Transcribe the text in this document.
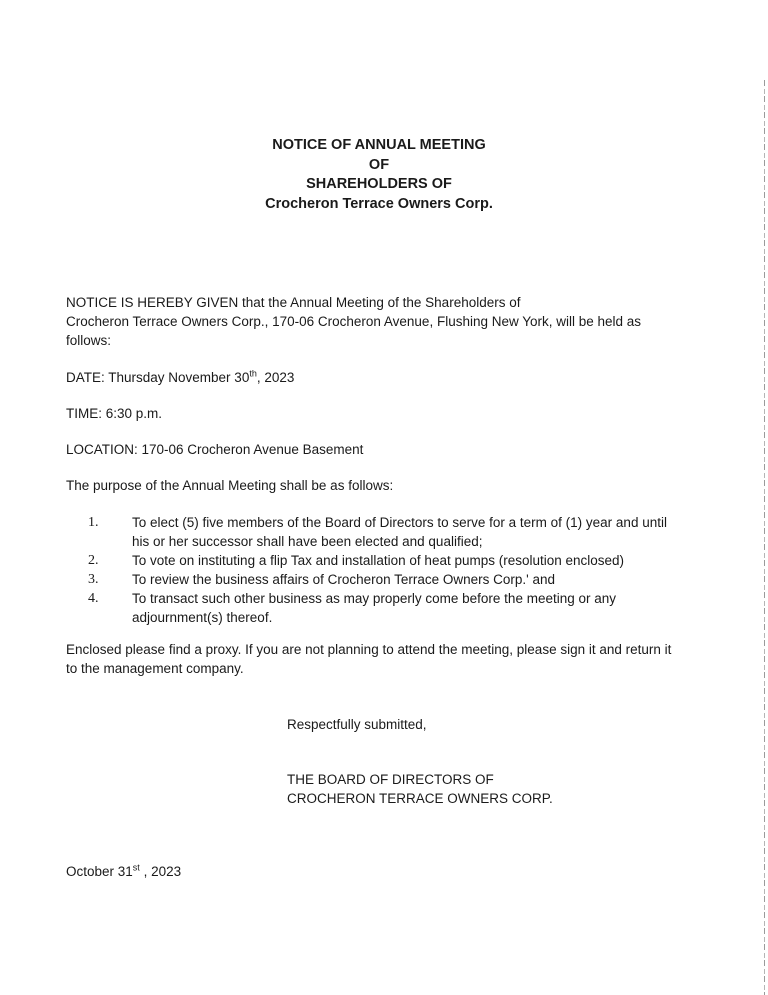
NOTICE OF ANNUAL MEETING
OF
SHAREHOLDERS OF
Crocheron Terrace Owners Corp.
NOTICE IS HEREBY GIVEN that the Annual Meeting of the Shareholders of
Crocheron Terrace Owners Corp., 170-06 Crocheron Avenue, Flushing New York, will be held as
follows:
DATE: Thursday November 30th, 2023
TIME: 6:30 p.m.
LOCATION: 170-06 Crocheron Avenue Basement
The purpose of the Annual Meeting shall be as follows:
1.	To elect (5) five members of the Board of Directors to serve for a term of (1) year and until
his or her successor shall have been elected and qualified;
2.	To vote on instituting a flip Tax and installation of heat pumps (resolution enclosed)
3.	To review the business affairs of Crocheron Terrace Owners Corp.' and
4.	To transact such other business as may properly come before the meeting or any
adjournment(s) thereof.
Enclosed please find a proxy. If you are not planning to attend the meeting, please sign it and return it
to the management company.
Respectfully submitted,
THE BOARD OF DIRECTORS OF
CROCHERON TERRACE OWNERS CORP.
October 31st , 2023
